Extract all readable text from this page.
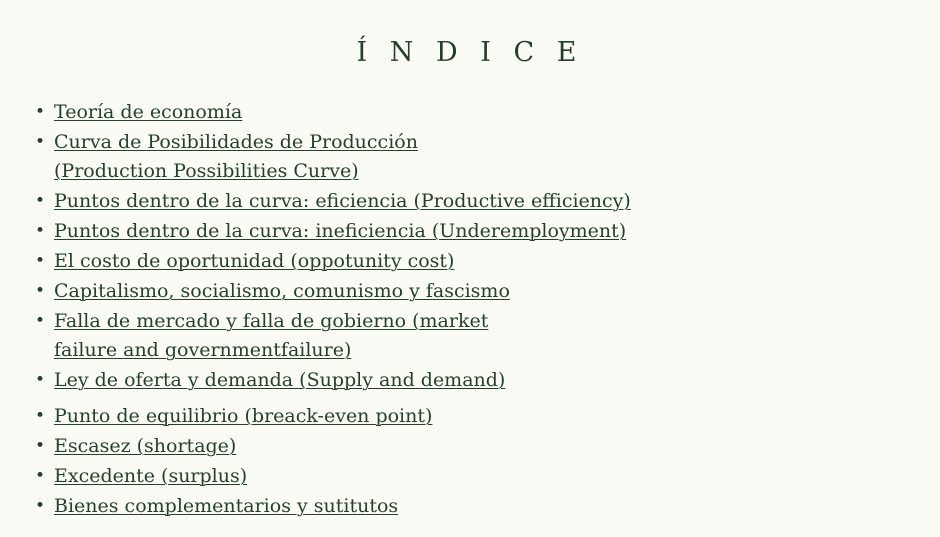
Í N D I C E
• Teoría de economía
• Curva de Posibilidades de Producción (Production Possibilities Curve)
• Puntos dentro de la curva: eficiencia (Productive efficiency)
• Puntos dentro de la curva: ineficiencia (Underemployment)
• El costo de oportunidad (oppotunity cost)
• Capitalismo, socialismo, comunismo y fascismo
• Falla de mercado y falla de gobierno (market failure and governmentfailure)
• Ley de oferta y demanda (Supply and demand)
• Punto de equilibrio (breack-even point)
• Escasez (shortage)
• Excedente (surplus)
• Bienes complementarios y sutitutos
